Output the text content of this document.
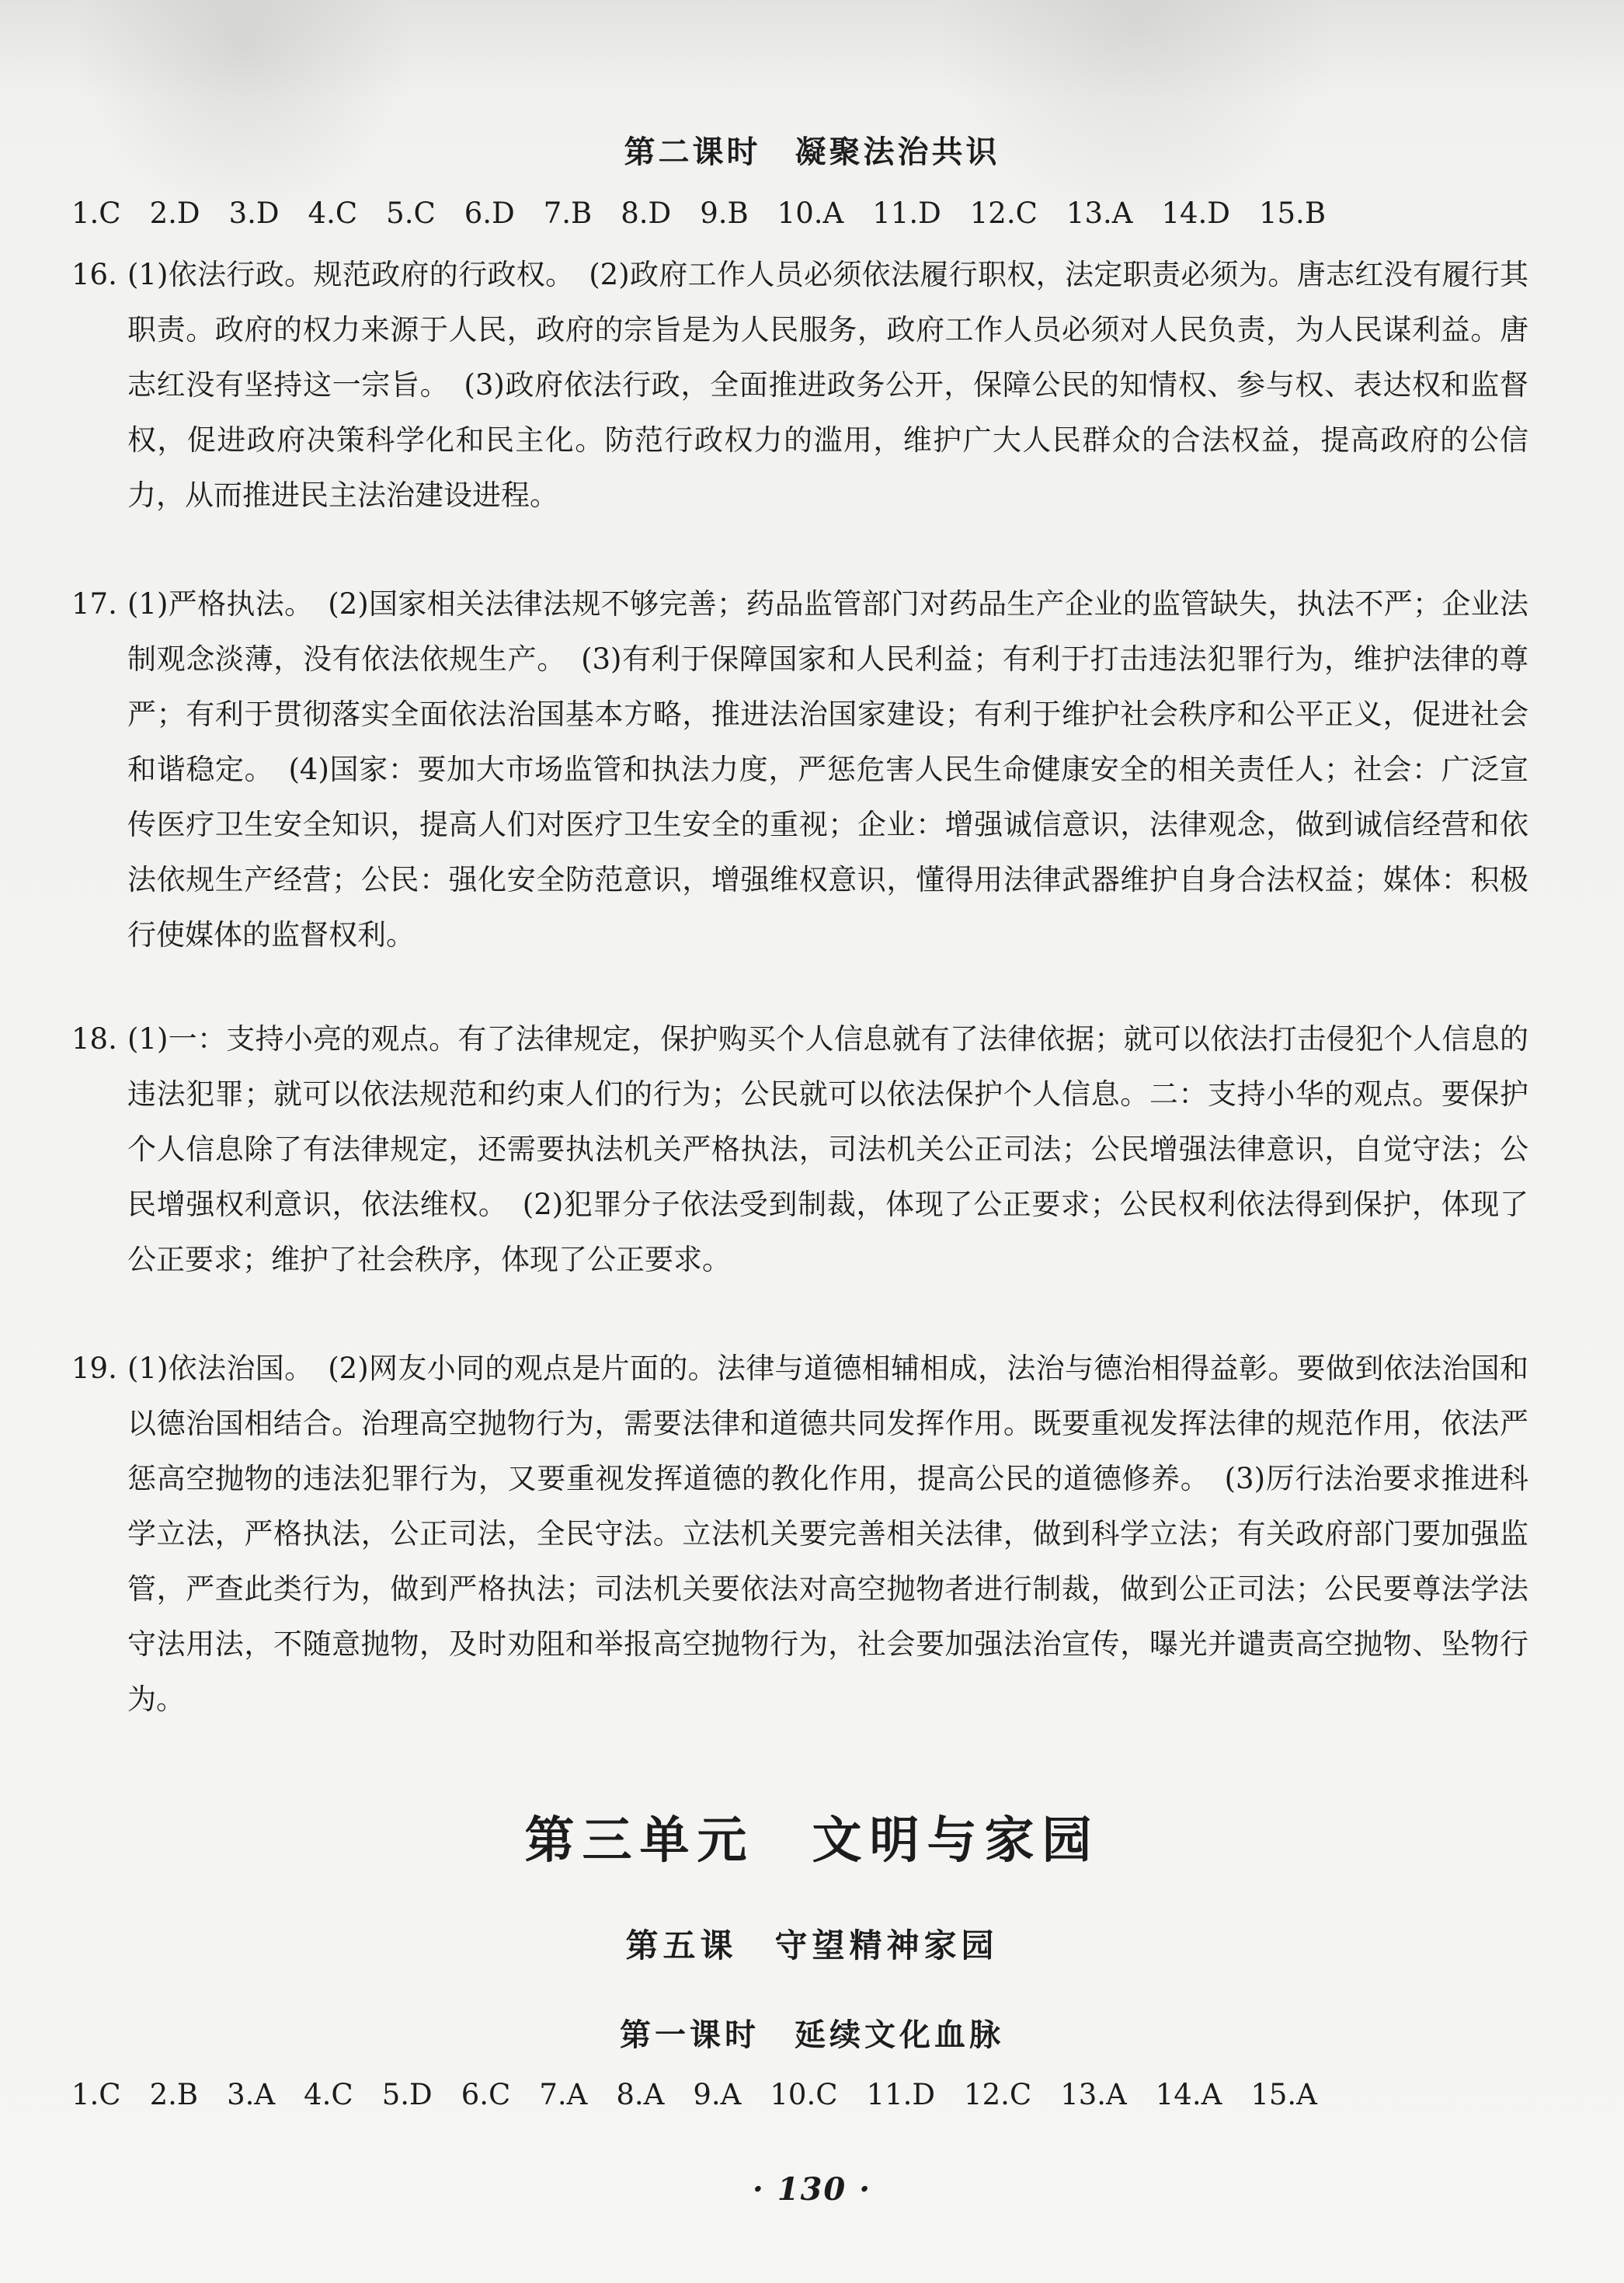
第二课时　凝聚法治共识
1.C　2.D　3.D　4.C　5.C　6.D　7.B　8.D　9.B　10.A　11.D　12.C　13.A　14.D　15.B
16. (1)依法行政。规范政府的行政权。　(2)政府工作人员必须依法履行职权，法定职责必须为。唐志红没有履行其职责。政府的权力来源于人民，政府的宗旨是为人民服务，政府工作人员必须对人民负责，为人民谋利益。唐志红没有坚持这一宗旨。　(3)政府依法行政，全面推进政务公开，保障公民的知情权、参与权、表达权和监督权，促进政府决策科学化和民主化。防范行政权力的滥用，维护广大人民群众的合法权益，提高政府的公信力，从而推进民主法治建设进程。
17. (1)严格执法。　(2)国家相关法律法规不够完善；药品监管部门对药品生产企业的监管缺失，执法不严；企业法制观念淡薄，没有依法依规生产。　(3)有利于保障国家和人民利益；有利于打击违法犯罪行为，维护法律的尊严；有利于贯彻落实全面依法治国基本方略，推进法治国家建设；有利于维护社会秩序和公平正义，促进社会和谐稳定。　(4)国家：要加大市场监管和执法力度，严惩危害人民生命健康安全的相关责任人；社会：广泛宣传医疗卫生安全知识，提高人们对医疗卫生安全的重视；企业：增强诚信意识，法律观念，做到诚信经营和依法依规生产经营；公民：强化安全防范意识，增强维权意识，懂得用法律武器维护自身合法权益；媒体：积极行使媒体的监督权利。
18. (1)一：支持小亮的观点。有了法律规定，保护购买个人信息就有了法律依据；就可以依法打击侵犯个人信息的违法犯罪；就可以依法规范和约束人们的行为；公民就可以依法保护个人信息。二：支持小华的观点。要保护个人信息除了有法律规定，还需要执法机关严格执法，司法机关公正司法；公民增强法律意识，自觉守法；公民增强权利意识，依法维权。　(2)犯罪分子依法受到制裁，体现了公正要求；公民权利依法得到保护，体现了公正要求；维护了社会秩序，体现了公正要求。
19. (1)依法治国。　(2)网友小同的观点是片面的。法律与道德相辅相成，法治与德治相得益彰。要做到依法治国和以德治国相结合。治理高空抛物行为，需要法律和道德共同发挥作用。既要重视发挥法律的规范作用，依法严惩高空抛物的违法犯罪行为，又要重视发挥道德的教化作用，提高公民的道德修养。　(3)厉行法治要求推进科学立法，严格执法，公正司法，全民守法。立法机关要完善相关法律，做到科学立法；有关政府部门要加强监管，严查此类行为，做到严格执法；司法机关要依法对高空抛物者进行制裁，做到公正司法；公民要尊法学法守法用法，不随意抛物，及时劝阻和举报高空抛物行为，社会要加强法治宣传，曝光并谴责高空抛物、坠物行为。
第三单元　文明与家园
第五课　守望精神家园
第一课时　延续文化血脉
1.C　2.B　3.A　4.C　5.D　6.C　7.A　8.A　9.A　10.C　11.D　12.C　13.A　14.A　15.A
· 130 ·
